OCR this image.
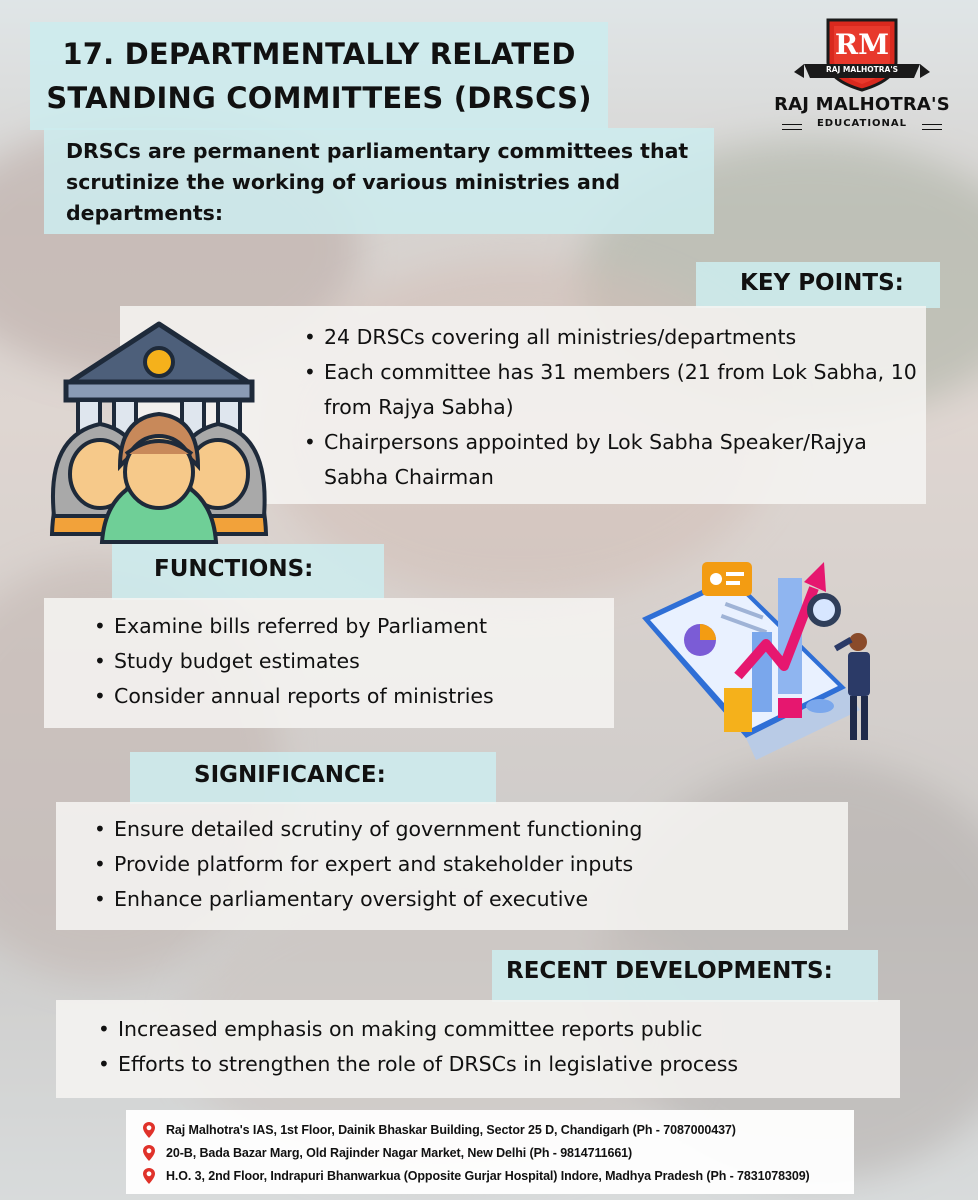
17. DEPARTMENTALLY RELATED
STANDING COMMITTEES (DRSCS)
RM
RAJ MALHOTRA'S
RAJ MALHOTRA'S
EDUCATIONAL

DRSCs are permanent parliamentary committees that scrutinize the working of various ministries and departments:

KEY POINTS:
• 24 DRSCs covering all ministries/departments
• Each committee has 31 members (21 from Lok Sabha, 10 from Rajya Sabha)
• Chairpersons appointed by Lok Sabha Speaker/Rajya Sabha Chairman
FUNCTIONS:
• Examine bills referred by Parliament
• Study budget estimates
• Consider annual reports of ministries
SIGNIFICANCE:
• Ensure detailed scrutiny of government functioning
• Provide platform for expert and stakeholder inputs
• Enhance parliamentary oversight of executive
RECENT DEVELOPMENTS:
• Increased emphasis on making committee reports public
• Efforts to strengthen the role of DRSCs in legislative process
Raj Malhotra's IAS, 1st Floor, Dainik Bhaskar Building, Sector 25 D, Chandigarh (Ph - 7087000437)
20-B, Bada Bazar Marg, Old Rajinder Nagar Market, New Delhi (Ph - 9814711661)
H.O. 3, 2nd Floor, Indrapuri Bhanwarkua (Opposite Gurjar Hospital) Indore, Madhya Pradesh (Ph - 7831078309)
